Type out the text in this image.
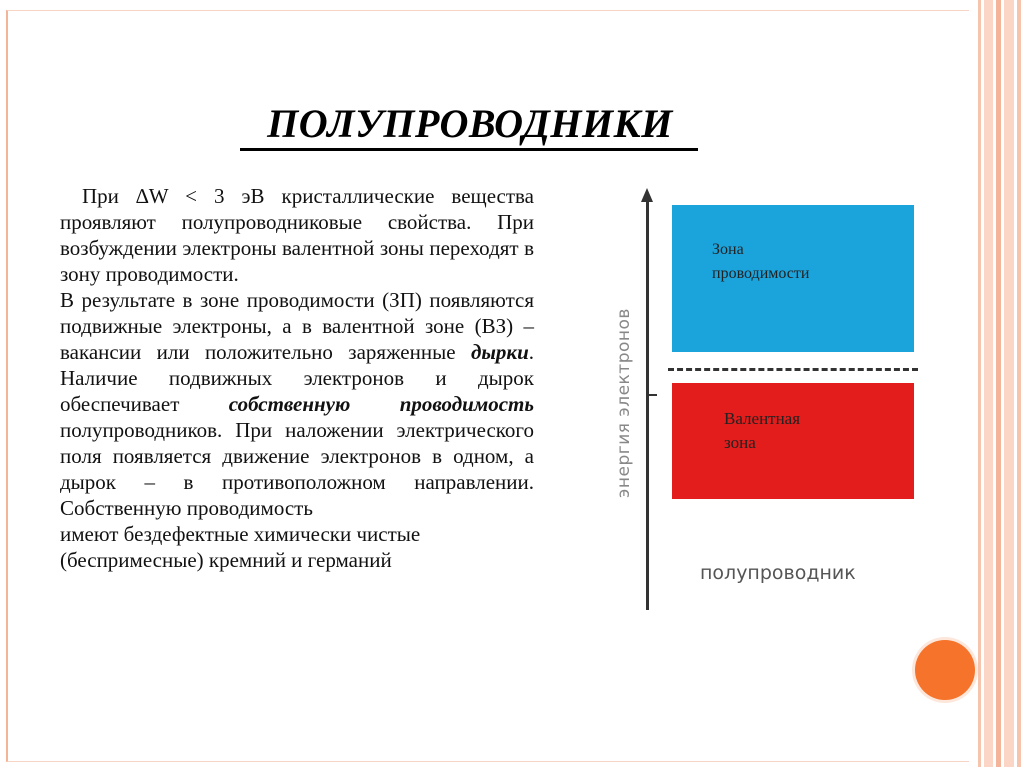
ПОЛУПРОВОДНИКИ

При ∆W < 3 эВ кристаллические вещества проявляют полупроводниковые свойства. При возбуждении электроны валентной зоны переходят в зону проводимости.

В результате в зоне проводимости (ЗП) появляются подвижные электроны, а в валентной зоне (ВЗ) – вакансии или положительно заряженные дырки. Наличие подвижных электронов и дырок обеспечивает собственную проводимость полупроводников. При наложении электрического поля появляется движение электронов в одном, а дырок – в противоположном направлении. Собственную проводимость

имеют бездефектные химически чистые (беспримесные) кремний и германий

энергия электронов
Зона
проводимости
Валентная
зона
полупроводник
